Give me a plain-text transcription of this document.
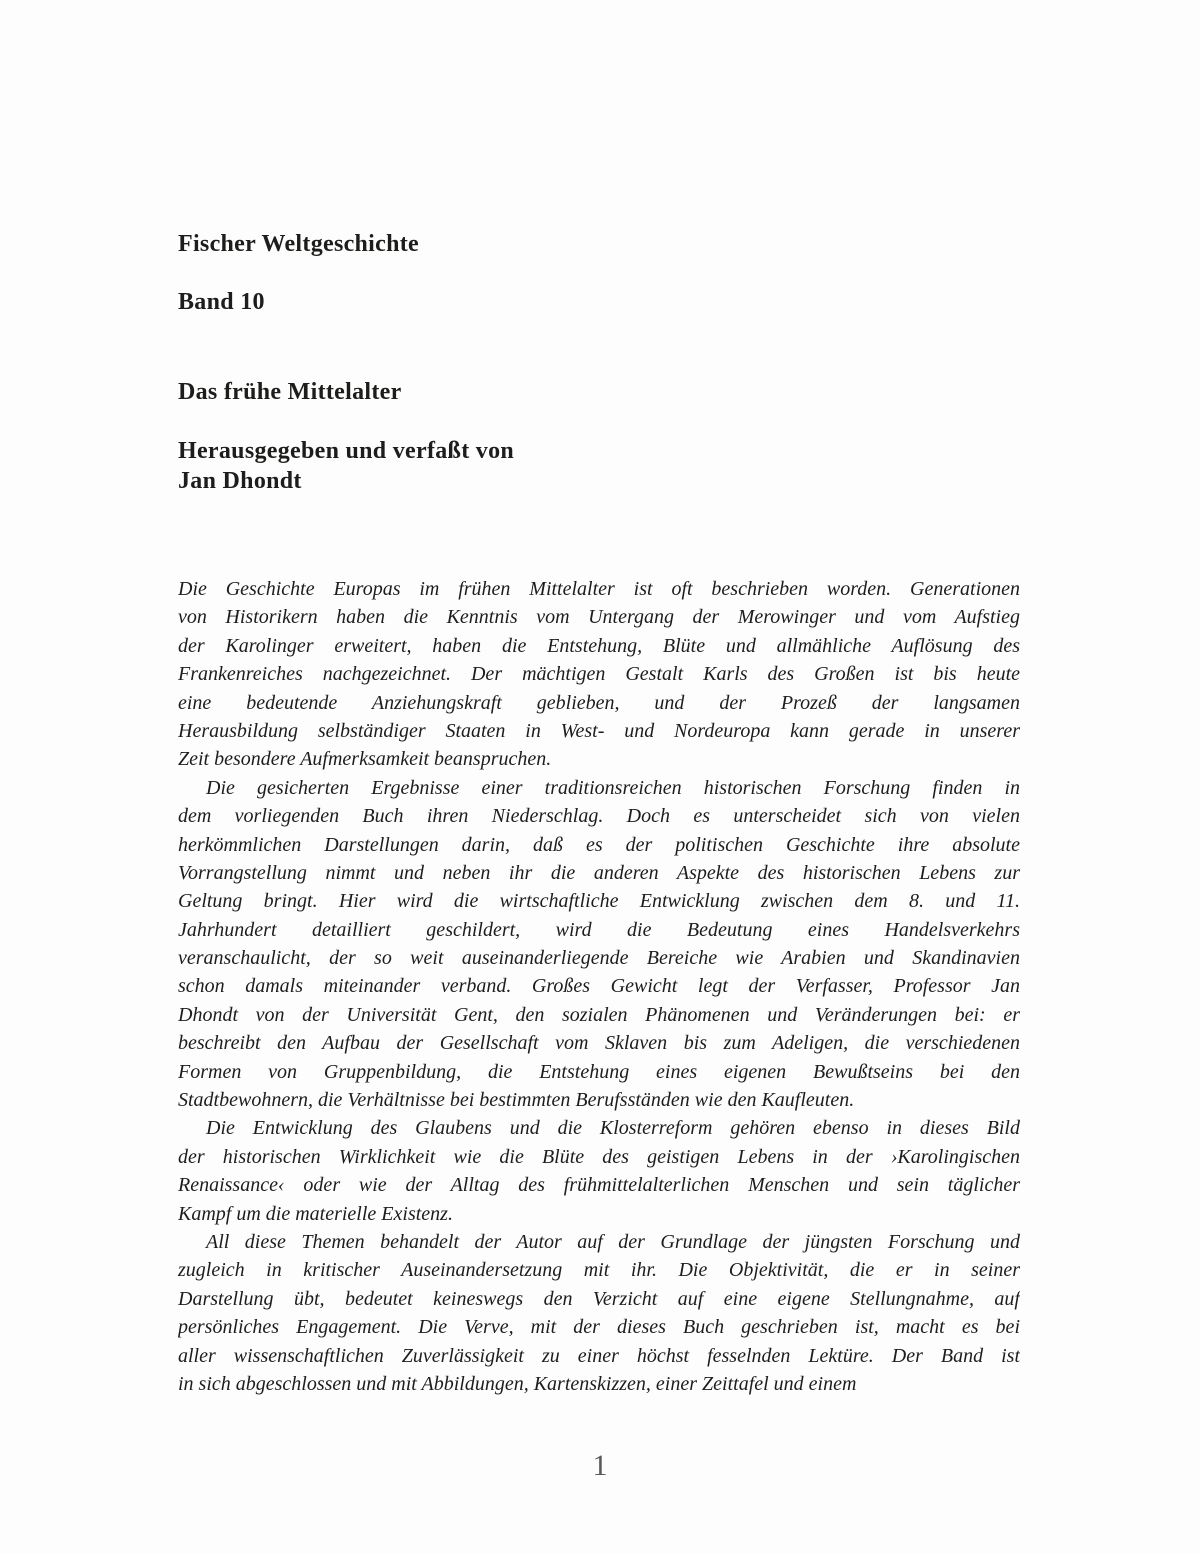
Fischer Weltgeschichte

Band 10

Das frühe Mittelalter

Herausgegeben und verfaßt von
Jan Dhondt

Die Geschichte Europas im frühen Mittelalter ist oft beschrieben worden. Generationen
von Historikern haben die Kenntnis vom Untergang der Merowinger und vom Aufstieg
der Karolinger erweitert, haben die Entstehung, Blüte und allmähliche Auflösung des
Frankenreiches nachgezeichnet. Der mächtigen Gestalt Karls des Großen ist bis heute
eine bedeutende Anziehungskraft geblieben, und der Prozeß der langsamen
Herausbildung selbständiger Staaten in West- und Nordeuropa kann gerade in unserer
Zeit besondere Aufmerksamkeit beanspruchen.

Die gesicherten Ergebnisse einer traditionsreichen historischen Forschung finden in
dem vorliegenden Buch ihren Niederschlag. Doch es unterscheidet sich von vielen
herkömmlichen Darstellungen darin, daß es der politischen Geschichte ihre absolute
Vorrangstellung nimmt und neben ihr die anderen Aspekte des historischen Lebens zur
Geltung bringt. Hier wird die wirtschaftliche Entwicklung zwischen dem 8. und 11.
Jahrhundert detailliert geschildert, wird die Bedeutung eines Handelsverkehrs
veranschaulicht, der so weit auseinanderliegende Bereiche wie Arabien und Skandinavien
schon damals miteinander verband. Großes Gewicht legt der Verfasser, Professor Jan
Dhondt von der Universität Gent, den sozialen Phänomenen und Veränderungen bei: er
beschreibt den Aufbau der Gesellschaft vom Sklaven bis zum Adeligen, die verschiedenen
Formen von Gruppenbildung, die Entstehung eines eigenen Bewußtseins bei den
Stadtbewohnern, die Verhältnisse bei bestimmten Berufsständen wie den Kaufleuten.

Die Entwicklung des Glaubens und die Klosterreform gehören ebenso in dieses Bild
der historischen Wirklichkeit wie die Blüte des geistigen Lebens in der ›Karolingischen
Renaissance‹ oder wie der Alltag des frühmittelalterlichen Menschen und sein täglicher
Kampf um die materielle Existenz.

All diese Themen behandelt der Autor auf der Grundlage der jüngsten Forschung und
zugleich in kritischer Auseinandersetzung mit ihr. Die Objektivität, die er in seiner
Darstellung übt, bedeutet keineswegs den Verzicht auf eine eigene Stellungnahme, auf
persönliches Engagement. Die Verve, mit der dieses Buch geschrieben ist, macht es bei
aller wissenschaftlichen Zuverlässigkeit zu einer höchst fesselnden Lektüre. Der Band ist
in sich abgeschlossen und mit Abbildungen, Kartenskizzen, einer Zeittafel und einem

1
